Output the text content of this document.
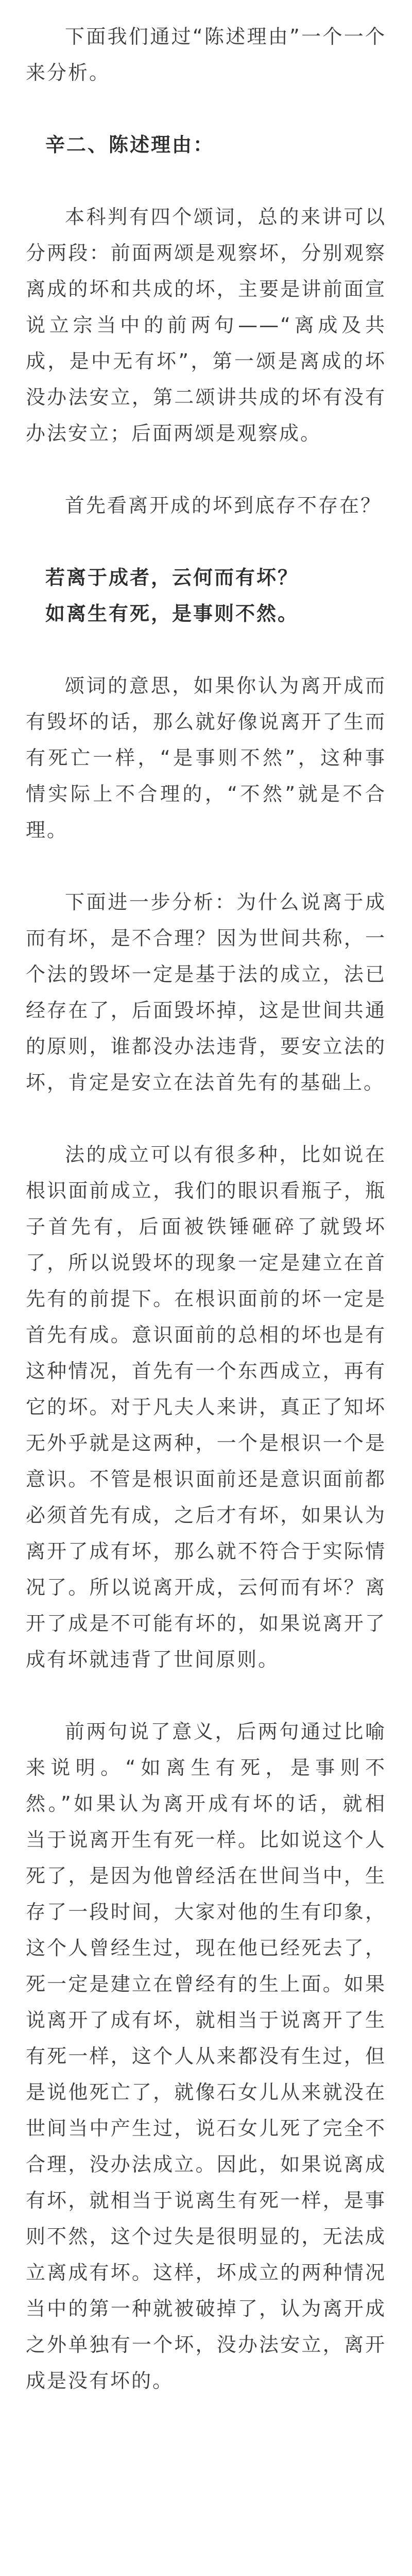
下面我们通过“陈述理由”一个一个来分析。

辛二、陈述理由：

本科判有四个颂词，总的来讲可以分两段：前面两颂是观察坏，分别观察离成的坏和共成的坏，主要是讲前面宣说立宗当中的前两句——“离成及共成，是中无有坏”，第一颂是离成的坏没办法安立，第二颂讲共成的坏有没有办法安立；后面两颂是观察成。

首先看离开成的坏到底存不存在？

若离于成者，云何而有坏？

如离生有死，是事则不然。

颂词的意思，如果你认为离开成而有毁坏的话，那么就好像说离开了生而有死亡一样，“是事则不然”，这种事情实际上不合理的，“不然”就是不合理。

下面进一步分析：为什么说离于成而有坏，是不合理？因为世间共称，一个法的毁坏一定是基于法的成立，法已经存在了，后面毁坏掉，这是世间共通的原则，谁都没办法违背，要安立法的坏，肯定是安立在法首先有的基础上。

法的成立可以有很多种，比如说在根识面前成立，我们的眼识看瓶子，瓶子首先有，后面被铁锤砸碎了就毁坏了，所以说毁坏的现象一定是建立在首先有的前提下。在根识面前的坏一定是首先有成。意识面前的总相的坏也是有这种情况，首先有一个东西成立，再有它的坏。对于凡夫人来讲，真正了知坏无外乎就是这两种，一个是根识一个是意识。不管是根识面前还是意识面前都必须首先有成，之后才有坏，如果认为离开了成有坏，那么就不符合于实际情况了。所以说离开成，云何而有坏？离开了成是不可能有坏的，如果说离开了成有坏就违背了世间原则。

前两句说了意义，后两句通过比喻来说明。“如离生有死，是事则不然。”如果认为离开成有坏的话，就相当于说离开生有死一样。比如说这个人死了，是因为他曾经活在世间当中，生存了一段时间，大家对他的生有印象，这个人曾经生过，现在他已经死去了，死一定是建立在曾经有的生上面。如果说离开了成有坏，就相当于说离开了生有死一样，这个人从来都没有生过，但是说他死亡了，就像石女儿从来就没在世间当中产生过，说石女儿死了完全不合理，没办法成立。因此，如果说离成有坏，就相当于说离生有死一样，是事则不然，这个过失是很明显的，无法成立离成有坏。这样，坏成立的两种情况当中的第一种就被破掉了，认为离开成之外单独有一个坏，没办法安立，离开成是没有坏的。
